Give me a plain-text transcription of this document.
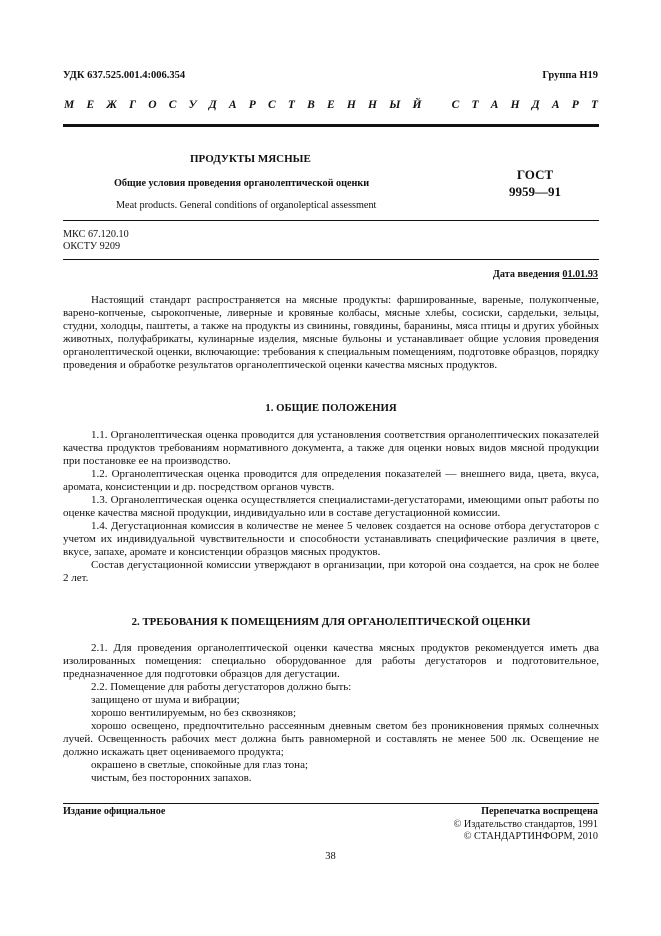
УДК 637.525.001.4:006.354	Группа Н19
М Е Ж Г О С У Д А Р С Т В Е Н Н Ы Й
	С Т А Н Д А Р Т
ПРОДУКТЫ МЯСНЫЕ
Общие условия проведения органолептической оценки
Meat products. General conditions of organoleptical assessment
ГОСТ
9959—91
МКС 67.120.10
ОКСТУ 9209
Дата введения 01.01.93

Настоящий стандарт распространяется на мясные продукты: фаршированные, вареные, полукопченые, варено-копченые, сырокопченые, ливерные и кровяные колбасы, мясные хлебы, сосиски, сардельки, зельцы, студни, холодцы, паштеты, а также на продукты из свинины, говядины, баранины, мяса птицы и других убойных животных, полуфабрикаты, кулинарные изделия, мясные бульоны и устанавливает общие условия проведения органолептической оценки, включающие: требования к специальным помещениям, подготовке образцов, порядку проведения и обработке результатов органолептической оценки качества мясных продуктов.

1. ОБЩИЕ ПОЛОЖЕНИЯ

1.1. Органолептическая оценка проводится для установления соответствия органолептических показателей качества продуктов требованиям нормативного документа, а также для оценки новых видов мясной продукции при постановке ее на производство.

1.2. Органолептическая оценка проводится для определения показателей — внешнего вида, цвета, вкуса, аромата, консистенции и др. посредством органов чувств.

1.3. Органолептическая оценка осуществляется специалистами-дегустаторами, имеющими опыт работы по оценке качества мясной продукции, индивидуально или в составе дегустационной комиссии.

1.4. Дегустационная комиссия в количестве не менее 5 человек создается на основе отбора дегустаторов с учетом их индивидуальной чувствительности и способности устанавливать специфические различия в цвете, вкусе, запахе, аромате и консистенции образцов мясных продуктов.

Состав дегустационной комиссии утверждают в организации, при которой она создается, на срок не более 2 лет.

2. ТРЕБОВАНИЯ К ПОМЕЩЕНИЯМ ДЛЯ ОРГАНОЛЕПТИЧЕСКОЙ ОЦЕНКИ

2.1. Для проведения органолептической оценки качества мясных продуктов рекомендуется иметь два изолированных помещения: специально оборудованное для работы дегустаторов и подготовительное, предназначенное для подготовки образцов для дегустации.

2.2. Помещение для работы дегустаторов должно быть:

защищено от шума и вибрации;

хорошо вентилируемым, но без сквозняков;

хорошо освещено, предпочтительно рассеянным дневным светом без проникновения прямых солнечных лучей. Освещенность рабочих мест должна быть равномерной и составлять не менее 500 лк. Освещение не должно искажать цвет оцениваемого продукта;

окрашено в светлые, спокойные для глаз тона;

чистым, без посторонних запахов.

Издание официальное	Перепечатка воспрещена
© Издательство стандартов, 1991
© СТАНДАРТИНФОРМ, 2010
38
